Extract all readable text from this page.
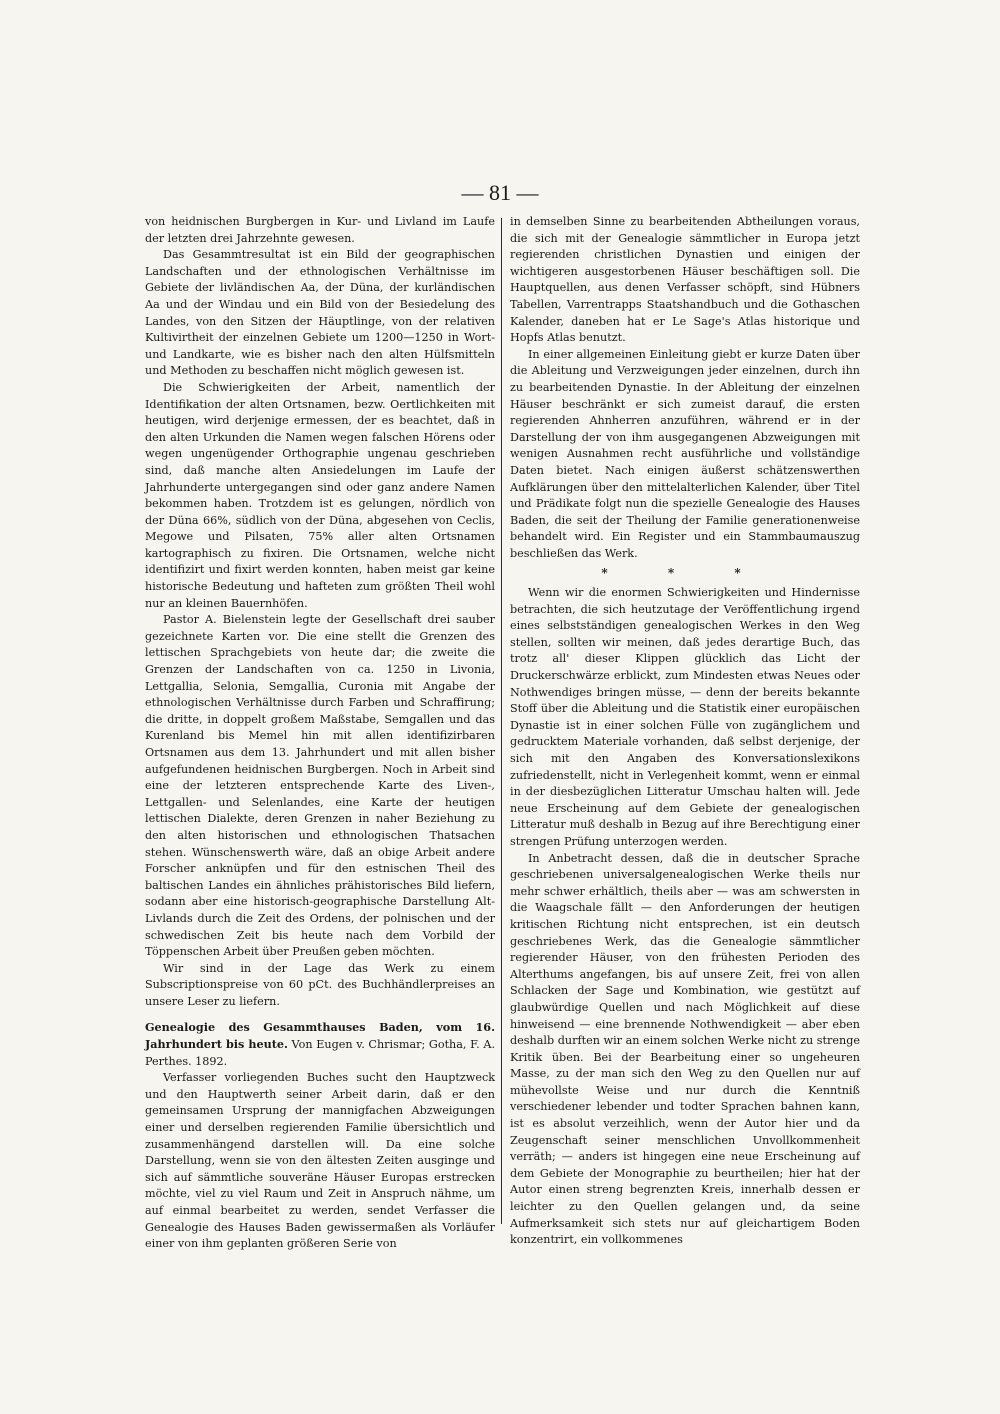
— 81 —

von heidnischen Burgbergen in Kur- und Livland im Laufe der letzten drei Jahrzehnte gewesen.

Das Gesammtresultat ist ein Bild der geographischen Landschaften und der ethnologischen Verhältnisse im Gebiete der livländischen Aa, der Düna, der kurländischen Aa und der Windau und ein Bild von der Besiedelung des Landes, von den Sitzen der Häuptlinge, von der relativen Kultivirtheit der einzelnen Gebiete um 1200—1250 in Wort- und Landkarte, wie es bisher nach den alten Hülfsmitteln und Methoden zu beschaffen nicht möglich gewesen ist.

Die Schwierigkeiten der Arbeit, namentlich der Identifikation der alten Ortsnamen, bezw. Oertlichkeiten mit heutigen, wird derjenige ermessen, der es beachtet, daß in den alten Urkunden die Namen wegen falschen Hörens oder wegen ungenügender Orthographie ungenau geschrieben sind, daß manche alten Ansiedelungen im Laufe der Jahrhunderte untergegangen sind oder ganz andere Namen bekommen haben. Trotzdem ist es gelungen, nördlich von der Düna 66%, südlich von der Düna, abgesehen von Ceclis, Megowe und Pilsaten, 75% aller alten Ortsnamen kartographisch zu fixiren. Die Ortsnamen, welche nicht identifizirt und fixirt werden konnten, haben meist gar keine historische Bedeutung und hafteten zum größten Theil wohl nur an kleinen Bauernhöfen.

Pastor A. Bielenstein legte der Gesellschaft drei sauber gezeichnete Karten vor. Die eine stellt die Grenzen des lettischen Sprachgebiets von heute dar; die zweite die Grenzen der Landschaften von ca. 1250 in Livonia, Lettgallia, Selonia, Semgallia, Curonia mit Angabe der ethnologischen Verhältnisse durch Farben und Schraffirung; die dritte, in doppelt großem Maßstabe, Semgallen und das Kurenland bis Memel hin mit allen identifizirbaren Ortsnamen aus dem 13. Jahrhundert und mit allen bisher aufgefundenen heidnischen Burgbergen. Noch in Arbeit sind eine der letzteren entsprechende Karte des Liven-, Lettgallen- und Selenlandes, eine Karte der heutigen lettischen Dialekte, deren Grenzen in naher Beziehung zu den alten historischen und ethnologischen Thatsachen stehen. Wünschenswerth wäre, daß an obige Arbeit andere Forscher anknüpfen und für den estnischen Theil des baltischen Landes ein ähnliches prähistorisches Bild liefern, sodann aber eine historisch-geographische Darstellung Alt-Livlands durch die Zeit des Ordens, der polnischen und der schwedischen Zeit bis heute nach dem Vorbild der Töppenschen Arbeit über Preußen geben möchten.

Wir sind in der Lage das Werk zu einem Subscriptionspreise von 60 pCt. des Buchhändlerpreises an unsere Leser zu liefern.

Genealogie des Gesammthauses Baden, vom 16. Jahrhundert bis heute. Von Eugen v. Chrismar; Gotha, F. A. Perthes. 1892.

Verfasser vorliegenden Buches sucht den Hauptzweck und den Hauptwerth seiner Arbeit darin, daß er den gemeinsamen Ursprung der mannigfachen Abzweigungen einer und derselben regierenden Familie übersichtlich und zusammenhängend darstellen will. Da eine solche Darstellung, wenn sie von den ältesten Zeiten ausginge und sich auf sämmtliche souveräne Häuser Europas erstrecken möchte, viel zu viel Raum und Zeit in Anspruch nähme, um auf einmal bearbeitet zu werden, sendet Verfasser die Genealogie des Hauses Baden gewissermaßen als Vorläufer einer von ihm geplanten größeren Serie von

in demselben Sinne zu bearbeitenden Abtheilungen voraus, die sich mit der Genealogie sämmtlicher in Europa jetzt regierenden christlichen Dynastien und einigen der wichtigeren ausgestorbenen Häuser beschäftigen soll. Die Hauptquellen, aus denen Verfasser schöpft, sind Hübners Tabellen, Varrentrapps Staatshandbuch und die Gothaschen Kalender, daneben hat er Le Sage's Atlas historique und Hopfs Atlas benutzt.

In einer allgemeinen Einleitung giebt er kurze Daten über die Ableitung und Verzweigungen jeder einzelnen, durch ihn zu bearbeitenden Dynastie. In der Ableitung der einzelnen Häuser beschränkt er sich zumeist darauf, die ersten regierenden Ahnherren anzuführen, während er in der Darstellung der von ihm ausgegangenen Abzweigungen mit wenigen Ausnahmen recht ausführliche und vollständige Daten bietet. Nach einigen äußerst schätzenswerthen Aufklärungen über den mittelalterlichen Kalender, über Titel und Prädikate folgt nun die spezielle Genealogie des Hauses Baden, die seit der Theilung der Familie generationenweise behandelt wird. Ein Register und ein Stammbaumauszug beschließen das Werk.

* * *

Wenn wir die enormen Schwierigkeiten und Hindernisse betrachten, die sich heutzutage der Veröffentlichung irgend eines selbstständigen genealogischen Werkes in den Weg stellen, sollten wir meinen, daß jedes derartige Buch, das trotz all' dieser Klippen glücklich das Licht der Druckerschwärze erblickt, zum Mindesten etwas Neues oder Nothwendiges bringen müsse, — denn der bereits bekannte Stoff über die Ableitung und die Statistik einer europäischen Dynastie ist in einer solchen Fülle von zugänglichem und gedrucktem Materiale vorhanden, daß selbst derjenige, der sich mit den Angaben des Konversationslexikons zufriedenstellt, nicht in Verlegenheit kommt, wenn er einmal in der diesbezüglichen Litteratur Umschau halten will. Jede neue Erscheinung auf dem Gebiete der genealogischen Litteratur muß deshalb in Bezug auf ihre Berechtigung einer strengen Prüfung unterzogen werden.

In Anbetracht dessen, daß die in deutscher Sprache geschriebenen universalgenealogischen Werke theils nur mehr schwer erhältlich, theils aber — was am schwersten in die Waagschale fällt — den Anforderungen der heutigen kritischen Richtung nicht entsprechen, ist ein deutsch geschriebenes Werk, das die Genealogie sämmtlicher regierender Häuser, von den frühesten Perioden des Alterthums angefangen, bis auf unsere Zeit, frei von allen Schlacken der Sage und Kombination, wie gestützt auf glaubwürdige Quellen und nach Möglichkeit auf diese hinweisend — eine brennende Nothwendigkeit — aber eben deshalb durften wir an einem solchen Werke nicht zu strenge Kritik üben. Bei der Bearbeitung einer so ungeheuren Masse, zu der man sich den Weg zu den Quellen nur auf mühevollste Weise und nur durch die Kenntniß verschiedener lebender und todter Sprachen bahnen kann, ist es absolut verzeihlich, wenn der Autor hier und da Zeugenschaft seiner menschlichen Unvollkommenheit verräth; — anders ist hingegen eine neue Erscheinung auf dem Gebiete der Monographie zu beurtheilen; hier hat der Autor einen streng begrenzten Kreis, innerhalb dessen er leichter zu den Quellen gelangen und, da seine Aufmerksamkeit sich stets nur auf gleichartigem Boden konzentrirt, ein vollkommenes
